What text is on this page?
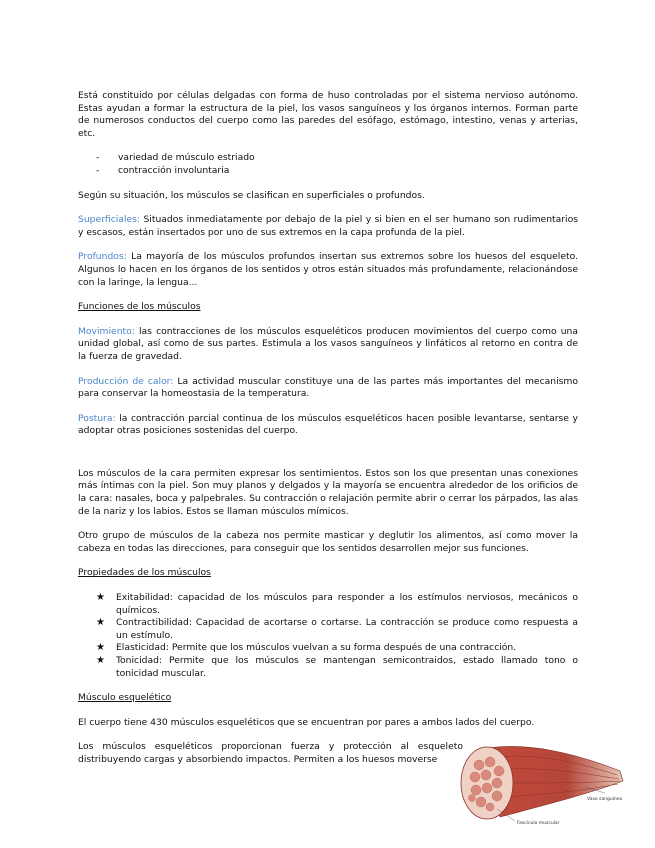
Está constituido por células delgadas con forma de huso controladas por el sistema nervioso autónomo. Estas ayudan a formar la estructura de la piel, los vasos sanguíneos y los órganos internos. Forman parte de numerosos conductos del cuerpo como las paredes del esófago, estómago, intestino, venas y arterias, etc.

- variedad de músculo estriado
- contracción involuntaria

Según su situación, los músculos se clasifican en superficiales o profundos.

Superficiales: Situados inmediatamente por debajo de la piel y si bien en el ser humano son rudimentarios y escasos, están insertados por uno de sus extremos en la capa profunda de la piel.

Profundos: La mayoría de los músculos profundos insertan sus extremos sobre los huesos del esqueleto. Algunos lo hacen en los órganos de los sentidos y otros están situados más profundamente, relacionándose con la laringe, la lengua...

Funciones de los músculos

Movimiento: las contracciones de los músculos esqueléticos producen movimientos del cuerpo como una unidad global, así como de sus partes. Estimula a los vasos sanguíneos y linfáticos al retorno en contra de la fuerza de gravedad.

Producción de calor: La actividad muscular constituye una de las partes más importantes del mecanismo para conservar la homeostasia de la temperatura.

Postura: la contracción parcial continua de los músculos esqueléticos hacen posible levantarse, sentarse y adoptar otras posiciones sostenidas del cuerpo.

Los músculos de la cara permiten expresar los sentimientos. Estos son los que presentan unas conexiones más íntimas con la piel. Son muy planos y delgados y la mayoría se encuentra alrededor de los orificios de la cara: nasales, boca y palpebrales. Su contracción o relajación permite abrir o cerrar los párpados, las alas de la nariz y los labios. Estos se llaman músculos mímicos.

Otro grupo de músculos de la cabeza nos permite masticar y deglutir los alimentos, así como mover la cabeza en todas las direcciones, para conseguir que los sentidos desarrollen mejor sus funciones.

Propiedades de los músculos

★ Exitabilidad: capacidad de los músculos para responder a los estímulos nerviosos, mecánicos o químicos.
★ Contractibilidad: Capacidad de acortarse o cortarse. La contracción se produce como respuesta a un estímulo.
★ Elasticidad: Permite que los músculos vuelvan a su forma después de una contracción.
★ Tonicidad: Permite que los músculos se mantengan semicontraidos, estado llamado tono o tonicidad muscular.

Músculo esquelético

El cuerpo tiene 430 músculos esqueléticos que se encuentran por pares a ambos lados del cuerpo.

Los músculos esqueléticos proporcionan fuerza y protección al esqueleto distribuyendo cargas y absorbiendo impactos. Permiten a los huesos moverse

Vaso sanguíneo
Fascículo muscular
